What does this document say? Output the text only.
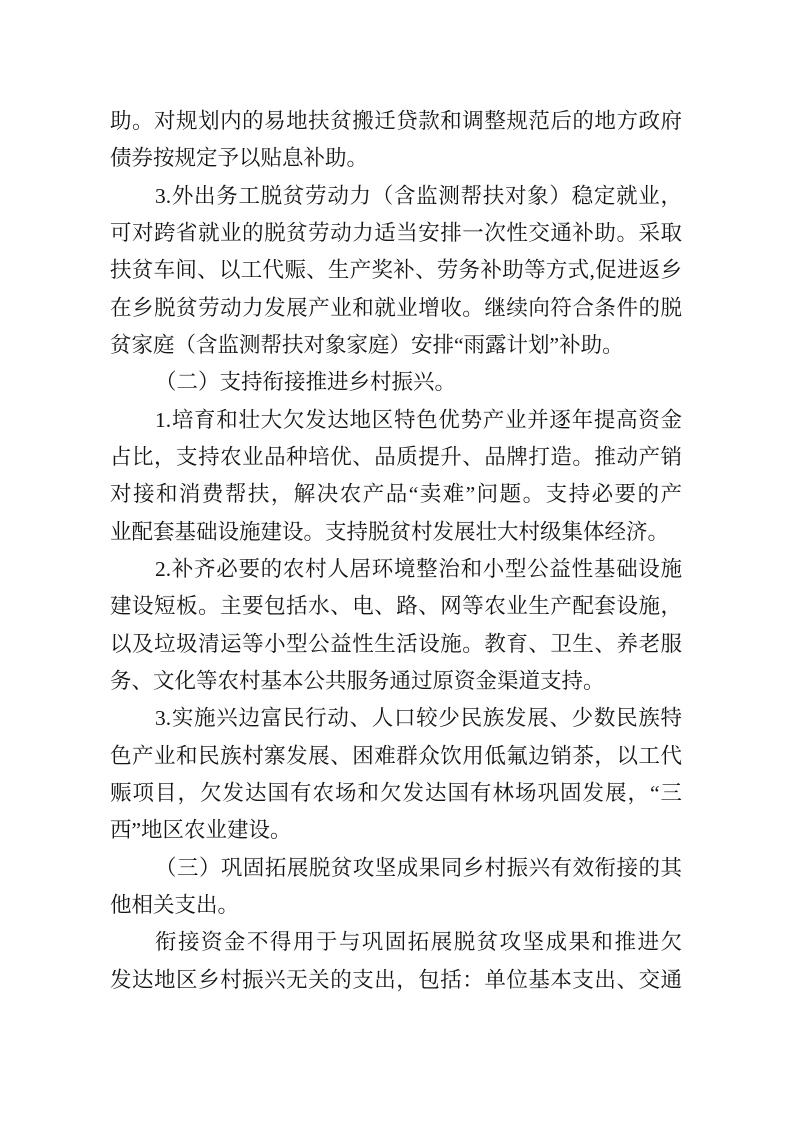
助。对规划内的易地扶贫搬迁贷款和调整规范后的地方政府
债券按规定予以贴息补助。
3.外出务工脱贫劳动力（含监测帮扶对象）稳定就业，
可对跨省就业的脱贫劳动力适当安排一次性交通补助。采取
扶贫车间、以工代赈、生产奖补、劳务补助等方式,促进返乡
在乡脱贫劳动力发展产业和就业增收。继续向符合条件的脱
贫家庭（含监测帮扶对象家庭）安排“雨露计划”补助。
（二）支持衔接推进乡村振兴。
1.培育和壮大欠发达地区特色优势产业并逐年提高资金
占比，支持农业品种培优、品质提升、品牌打造。推动产销
对接和消费帮扶，解决农产品“卖难”问题。支持必要的产
业配套基础设施建设。支持脱贫村发展壮大村级集体经济。
2.补齐必要的农村人居环境整治和小型公益性基础设施
建设短板。主要包括水、电、路、网等农业生产配套设施，
以及垃圾清运等小型公益性生活设施。教育、卫生、养老服
务、文化等农村基本公共服务通过原资金渠道支持。
3.实施兴边富民行动、人口较少民族发展、少数民族特
色产业和民族村寨发展、困难群众饮用低氟边销茶，以工代
赈项目，欠发达国有农场和欠发达国有林场巩固发展，“三
西”地区农业建设。
（三）巩固拓展脱贫攻坚成果同乡村振兴有效衔接的其
他相关支出。
衔接资金不得用于与巩固拓展脱贫攻坚成果和推进欠
发达地区乡村振兴无关的支出，包括：单位基本支出、交通
